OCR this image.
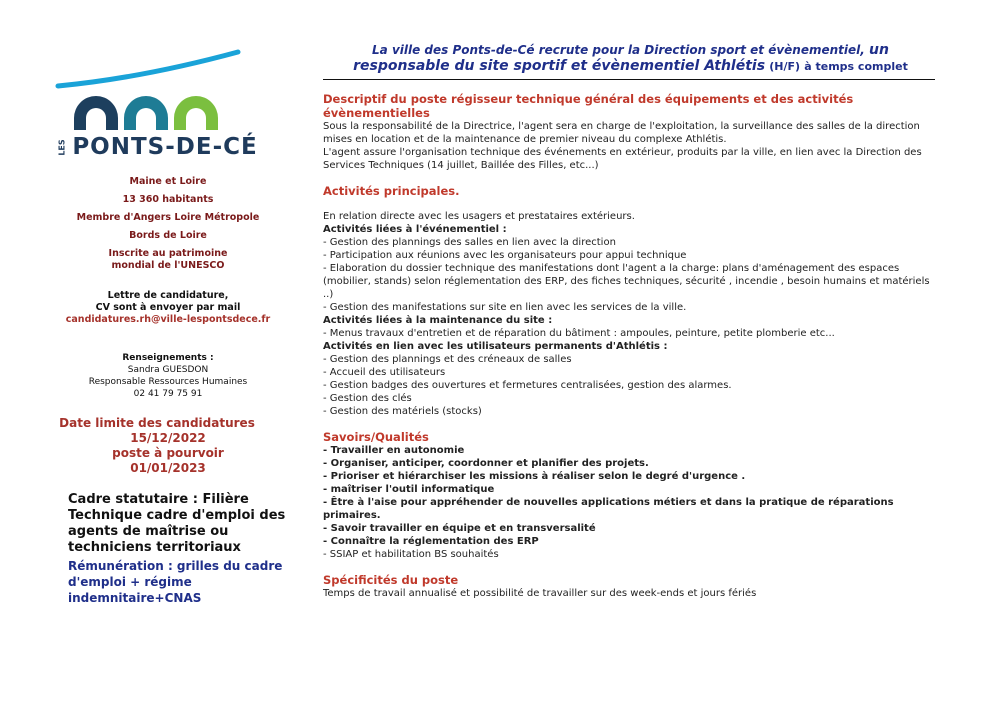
LES PONTS-DE-CÉ
Maine et Loire
13 360 habitants
Membre d'Angers Loire Métropole
Bords de Loire
Inscrite au patrimoine
mondial de l'UNESCO
Lettre de candidature,
CV sont à envoyer par mail
candidatures.rh@ville-lespontsdece.fr
Renseignements :
Sandra GUESDON
Responsable Ressources Humaines
02 41 79 75 91
Date limite des candidatures
15/12/2022
poste à pourvoir
01/01/2023
Cadre statutaire : Filière Technique cadre d'emploi des agents de maîtrise ou techniciens territoriaux
Rémunération : grilles du cadre d'emploi + régime indemnitaire+CNAS
La ville des Ponts-de-Cé recrute pour la Direction sport et évènementiel, un
responsable du site sportif et évènementiel Athlétis (H/F) à temps complet
Descriptif du poste régisseur technique général des équipements et des activités évènementielles
Sous la responsabilité de la Directrice, l'agent sera en charge de l'exploitation, la surveillance des salles de la direction mises en location et de la maintenance de premier niveau du complexe Athlétis.
L'agent assure l'organisation technique des événements en extérieur, produits par la ville, en lien avec la Direction des Services Techniques (14 juillet, Baillée des Filles, etc...)
Activités principales.
En relation directe avec les usagers et prestataires extérieurs.
Activités liées à l'événementiel :
- Gestion des plannings des salles en lien avec la direction
- Participation aux réunions avec les organisateurs pour appui technique
- Elaboration du dossier technique des manifestations dont l'agent a la charge: plans d'aménagement des espaces (mobilier, stands) selon réglementation des ERP, des fiches techniques, sécurité , incendie , besoin humains et matériels ..)
- Gestion des manifestations sur site en lien avec les services de la ville.
Activités liées à la maintenance du site :
- Menus travaux d'entretien et de réparation du bâtiment : ampoules, peinture, petite plomberie etc...
Activités en lien avec les utilisateurs permanents d'Athlétis :
- Gestion des plannings et des créneaux de salles
- Accueil des utilisateurs
- Gestion badges des ouvertures et fermetures centralisées, gestion des alarmes.
- Gestion des clés
- Gestion des matériels (stocks)
Savoirs/Qualités
- Travailler en autonomie
- Organiser, anticiper, coordonner et planifier des projets.
- Prioriser et hiérarchiser les missions à réaliser selon le degré d'urgence .
- maîtriser l'outil informatique
- Être à l'aise pour appréhender de nouvelles applications métiers et dans la pratique de réparations primaires.
- Savoir travailler en équipe et en transversalité
- Connaître la réglementation des ERP
- SSIAP et habilitation BS souhaités
Spécificités du poste
Temps de travail annualisé et possibilité de travailler sur des week-ends et jours fériés
